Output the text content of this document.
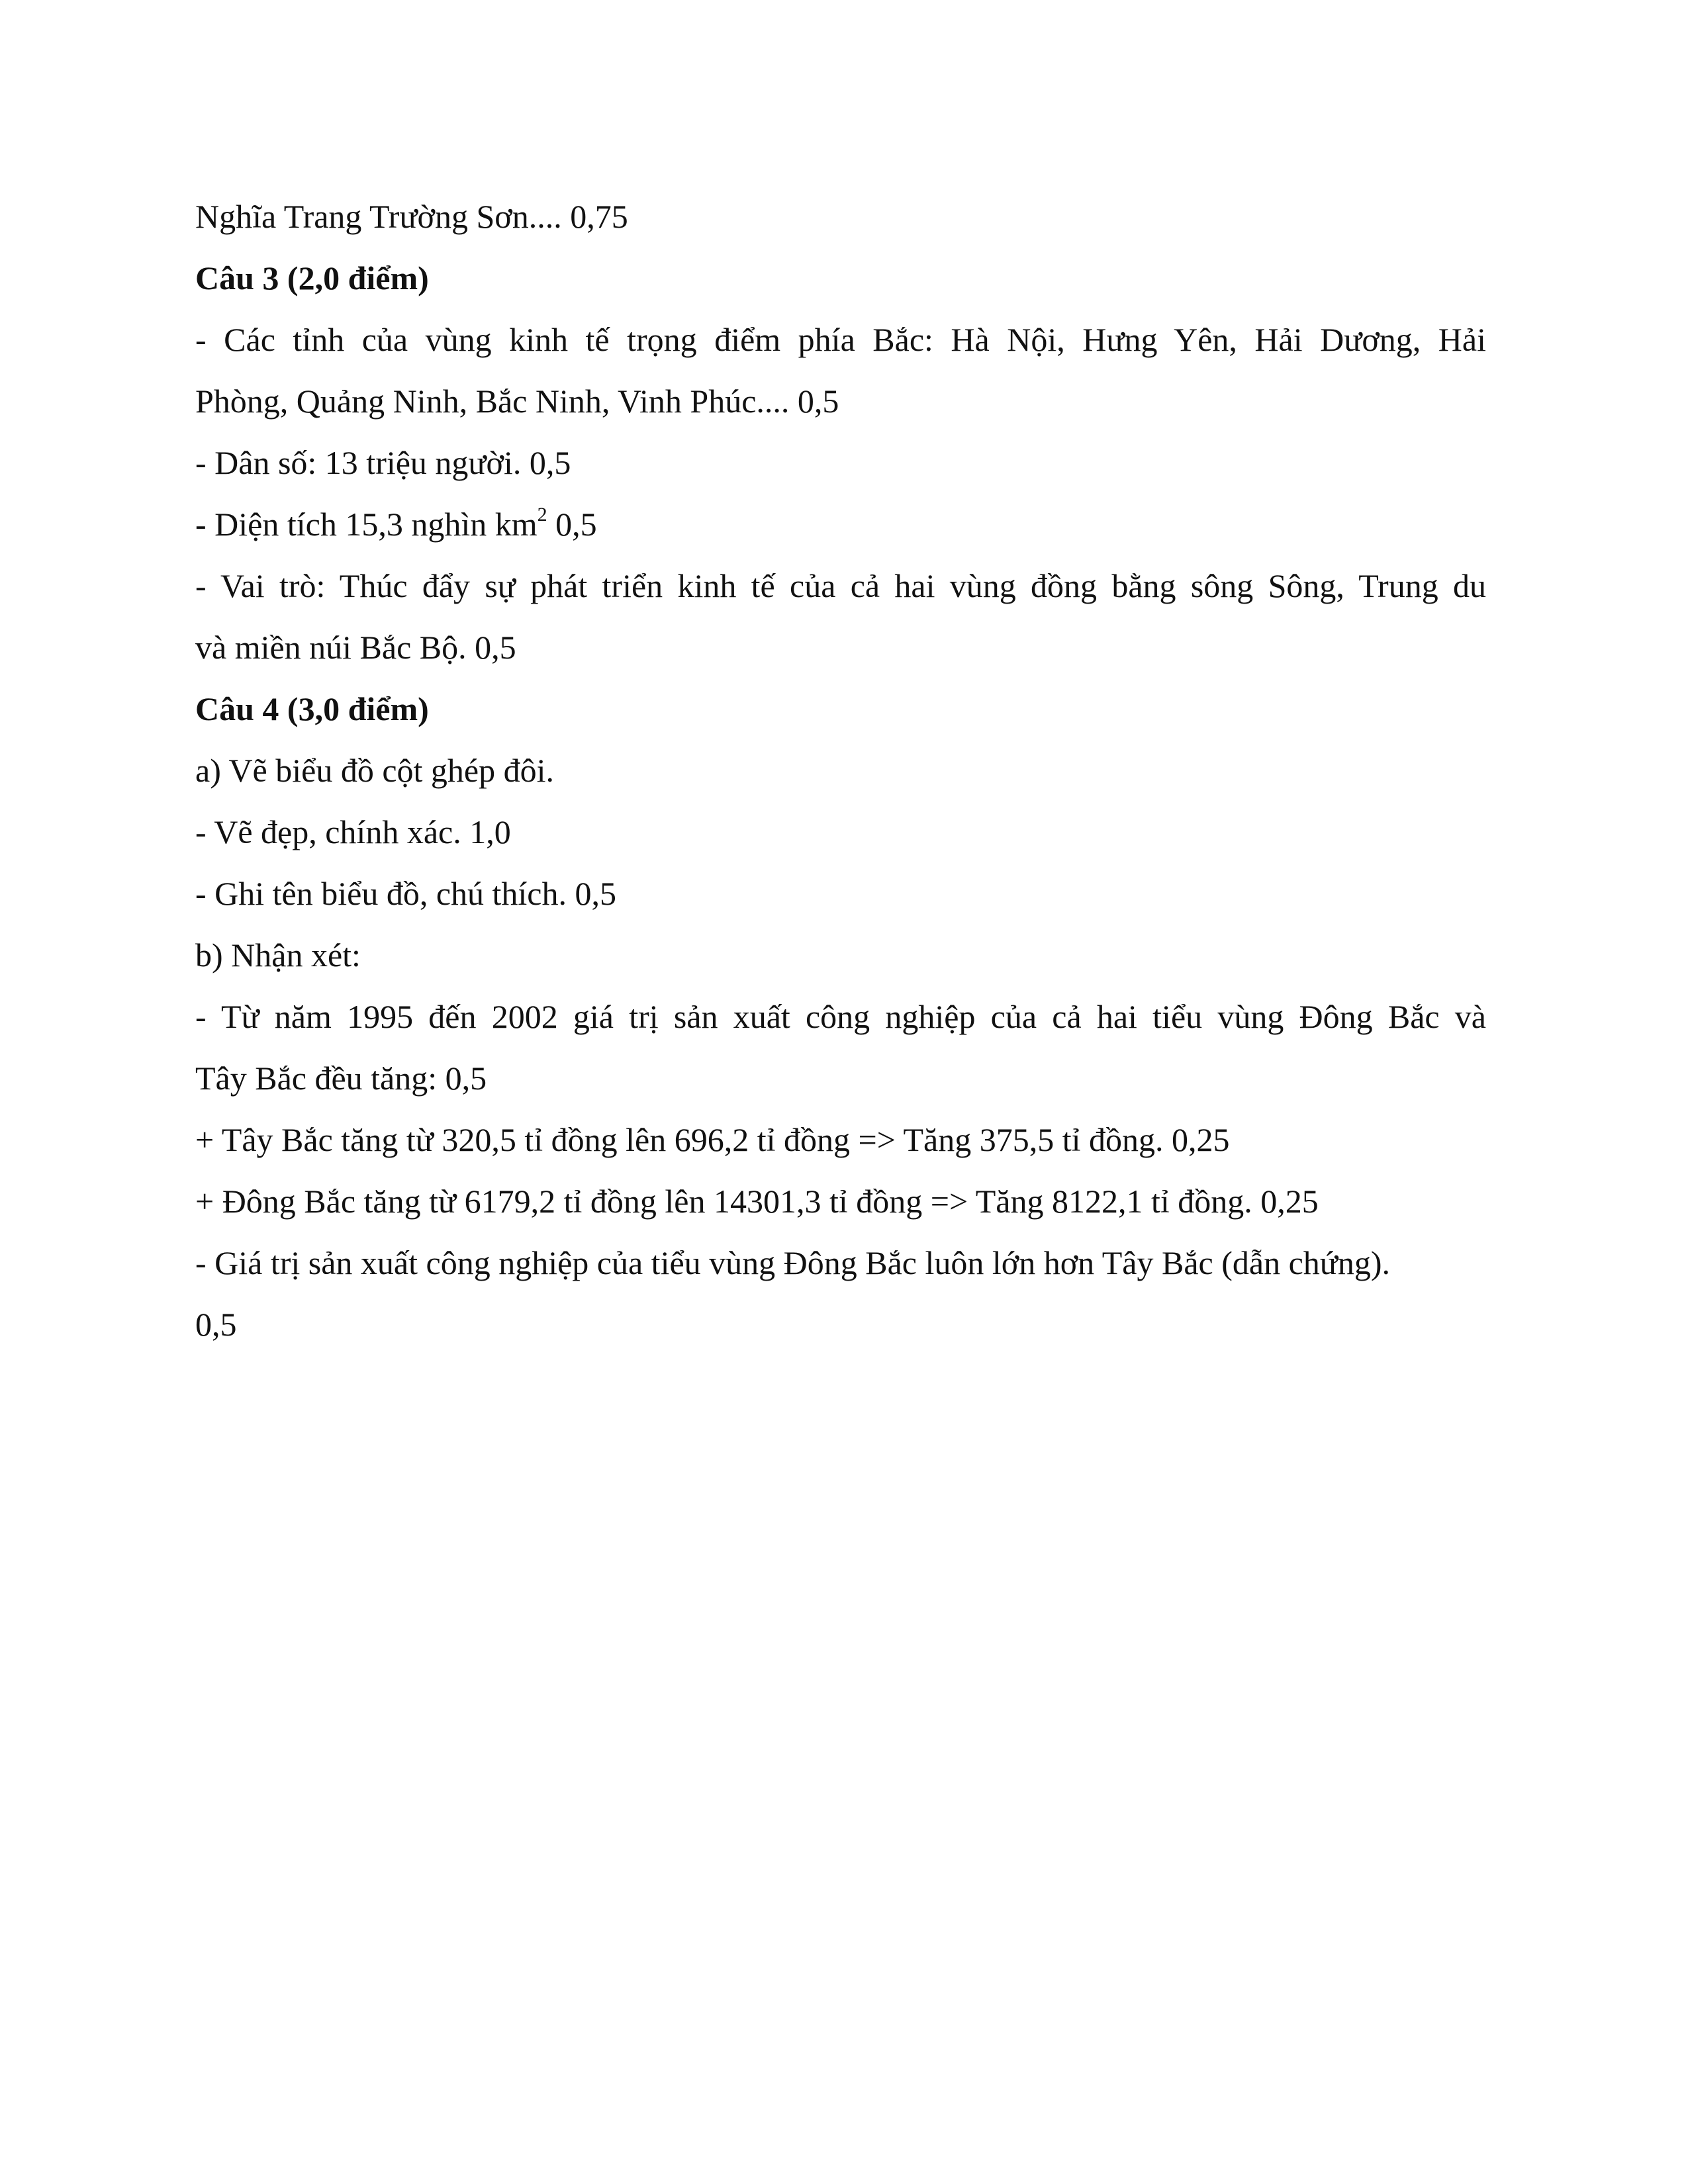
Nghĩa Trang Trường Sơn.... 0,75
Câu 3 (2,0 điểm)
- Các tỉnh của vùng kinh tế trọng điểm phía Bắc: Hà Nội, Hưng Yên, Hải Dương, Hải
Phòng, Quảng Ninh, Bắc Ninh, Vinh Phúc.... 0,5
- Dân số: 13 triệu người. 0,5
- Diện tích 15,3 nghìn $km^2$ 0,5
- Vai trò: Thúc đẩy sự phát triển kinh tế của cả hai vùng đồng bằng sông Sông, Trung du
và miền núi Bắc Bộ. 0,5
Câu 4 (3,0 điểm)
a) Vẽ biểu đồ cột ghép đôi.
- Vẽ đẹp, chính xác. 1,0
- Ghi tên biểu đồ, chú thích. 0,5
b) Nhận xét:
- Từ năm 1995 đến 2002 giá trị sản xuất công nghiệp của cả hai tiểu vùng Đông Bắc và
Tây Bắc đều tăng: 0,5
+ Tây Bắc tăng từ 320,5 tỉ đồng lên 696,2 tỉ đồng => Tăng 375,5 tỉ đồng. 0,25
+ Đông Bắc tăng từ 6179,2 tỉ đồng lên 14301,3 tỉ đồng => Tăng 8122,1 tỉ đồng. 0,25
- Giá trị sản xuất công nghiệp của tiểu vùng Đông Bắc luôn lớn hơn Tây Bắc (dẫn chứng).
0,5
